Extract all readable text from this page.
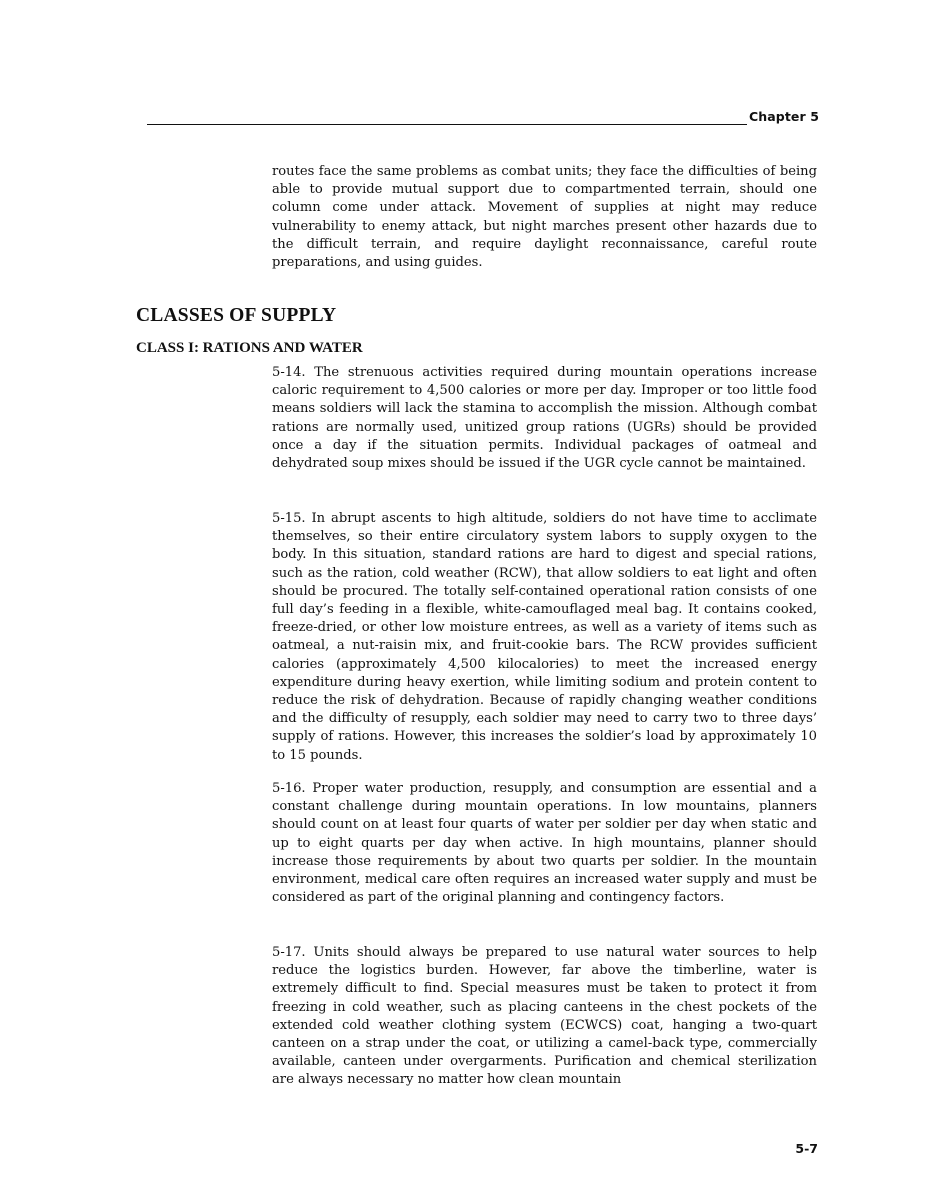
Chapter 5

routes face the same problems as combat units; they face the difficulties of being able to provide mutual support due to compartmented terrain, should one column come under attack. Movement of supplies at night may reduce vulnerability to enemy attack, but night marches present other hazards due to the difficult terrain, and require daylight reconnaissance, careful route preparations, and using guides.

CLASSES OF SUPPLY
CLASS I: RATIONS AND WATER

5-14. The strenuous activities required during mountain operations increase caloric requirement to 4,500 calories or more per day. Improper or too little food means soldiers will lack the stamina to accomplish the mission. Although combat rations are normally used, unitized group rations (UGRs) should be provided once a day if the situation permits. Individual packages of oatmeal and dehydrated soup mixes should be issued if the UGR cycle cannot be maintained.

5-15. In abrupt ascents to high altitude, soldiers do not have time to acclimate themselves, so their entire circulatory system labors to supply oxygen to the body. In this situation, standard rations are hard to digest and special rations, such as the ration, cold weather (RCW), that allow soldiers to eat light and often should be procured. The totally self-contained operational ration consists of one full day’s feeding in a flexible, white-camouflaged meal bag. It contains cooked, freeze-dried, or other low moisture entrees, as well as a variety of items such as oatmeal, a nut-raisin mix, and fruit-cookie bars. The RCW provides sufficient calories (approximately 4,500 kilocalories) to meet the increased energy expenditure during heavy exertion, while limiting sodium and protein content to reduce the risk of dehydration. Because of rapidly changing weather conditions and the difficulty of resupply, each soldier may need to carry two to three days’ supply of rations. However, this increases the soldier’s load by approximately 10 to 15 pounds.

5-16. Proper water production, resupply, and consumption are essential and a constant challenge during mountain operations. In low mountains, planners should count on at least four quarts of water per soldier per day when static and up to eight quarts per day when active. In high mountains, planner should increase those requirements by about two quarts per soldier. In the mountain environment, medical care often requires an increased water supply and must be considered as part of the original planning and contingency factors.

5-17. Units should always be prepared to use natural water sources to help reduce the logistics burden. However, far above the timberline, water is extremely difficult to find. Special measures must be taken to protect it from freezing in cold weather, such as placing canteens in the chest pockets of the extended cold weather clothing system (ECWCS) coat, hanging a two-quart canteen on a strap under the coat, or utilizing a camel-back type, commercially available, canteen under overgarments. Purification and chemical sterilization are always necessary no matter how clean mountain

5-7
